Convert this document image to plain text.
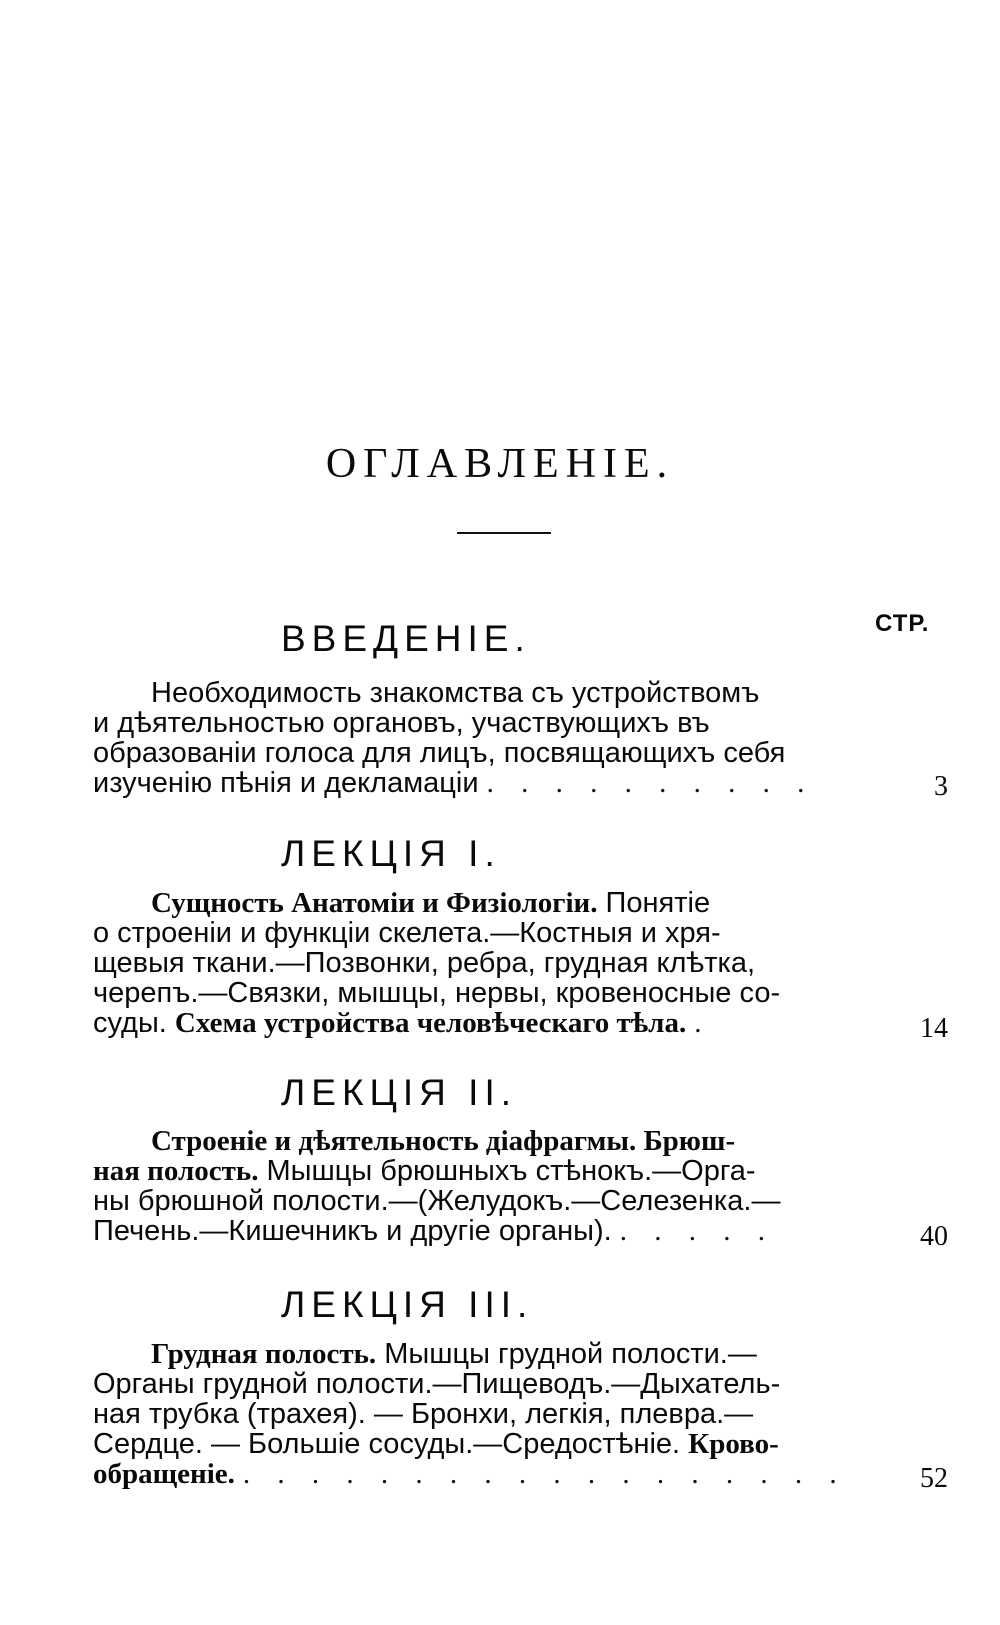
ОГЛАВЛЕНІЕ.
СТР.
ВВЕДЕНІЕ.
Необходимость знакомства съ устройствомъ
и дѣятельностью органовъ, участвующихъ въ
образованіи голоса для лицъ, посвящающихъ себя
изученію пѣнія и декламаціи . . . . . . . . . .	3
ЛЕКЦІЯ I.
Сущность Анатоміи и Физіологіи. Понятіе
о строеніи и функціи скелета.—Костныя и хря-
щевыя ткани.—Позвонки, ребра, грудная клѣтка,
черепъ.—Связки, мышцы, нервы, кровеносные со-
суды. Схема устройства человѣческаго тѣла. .	14
ЛЕКЦІЯ II.
Строеніе и дѣятельность діафрагмы. Брюш-
ная полость. Мышцы брюшныхъ стѣнокъ.—Орга-
ны брюшной полости.—(Желудокъ.—Селезенка.—
Печень.—Кишечникъ и другіе органы). . . . . .	40
ЛЕКЦІЯ III.
Грудная полость. Мышцы грудной полости.—
Органы грудной полости.—Пищеводъ.—Дыхатель-
ная трубка (трахея). — Бронхи, легкія, плевра.—
Сердце. — Большіе сосуды.—Средостѣніе. Крово-
обращеніе. . . . . . . . . . . . . . . . . . .	52
